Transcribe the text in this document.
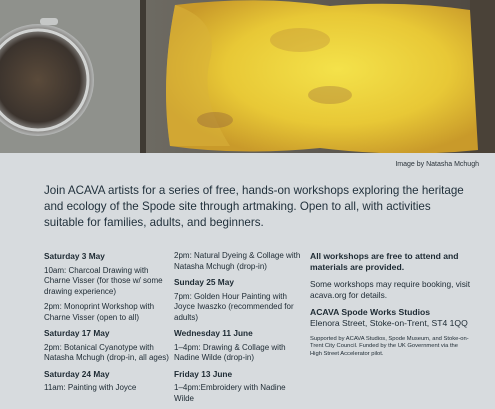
Image by Natasha Mchugh

Join ACAVA artists for a series of free, hands-on workshops exploring the heritage and ecology of the Spode site through artmaking. Open to all, with activities suitable for families, adults, and beginners.

Saturday 3 May
10am: Charcoal Drawing with Charne Visser (for those w/ some drawing experience)
2pm: Monoprint Workshop with Charne Visser (open to all)
Saturday 17 May
2pm: Botanical Cyanotype with Natasha Mchugh (drop-in, all ages)
Saturday 24 May
11am: Painting with Joyce
2pm: Natural Dyeing & Collage with Natasha Mchugh (drop-in)
Sunday 25 May
7pm: Golden Hour Painting with Joyce Iwaszko (recommended for adults)
Wednesday 11 June
1–4pm: Drawing & Collage with Nadine Wilde (drop-in)
Friday 13 June
1–4pm:Embroidery with Nadine Wilde
All workshops are free to attend and materials are provided.
Some workshops may require booking, visit acava.org for details.
ACAVA Spode Works Studios
Elenora Street, Stoke-on-Trent, ST4 1QQ
Supported by ACAVA Studios, Spode Museum, and Stoke-on-Trent City Council. Funded by the UK Government via the High Street Accelerator pilot.
